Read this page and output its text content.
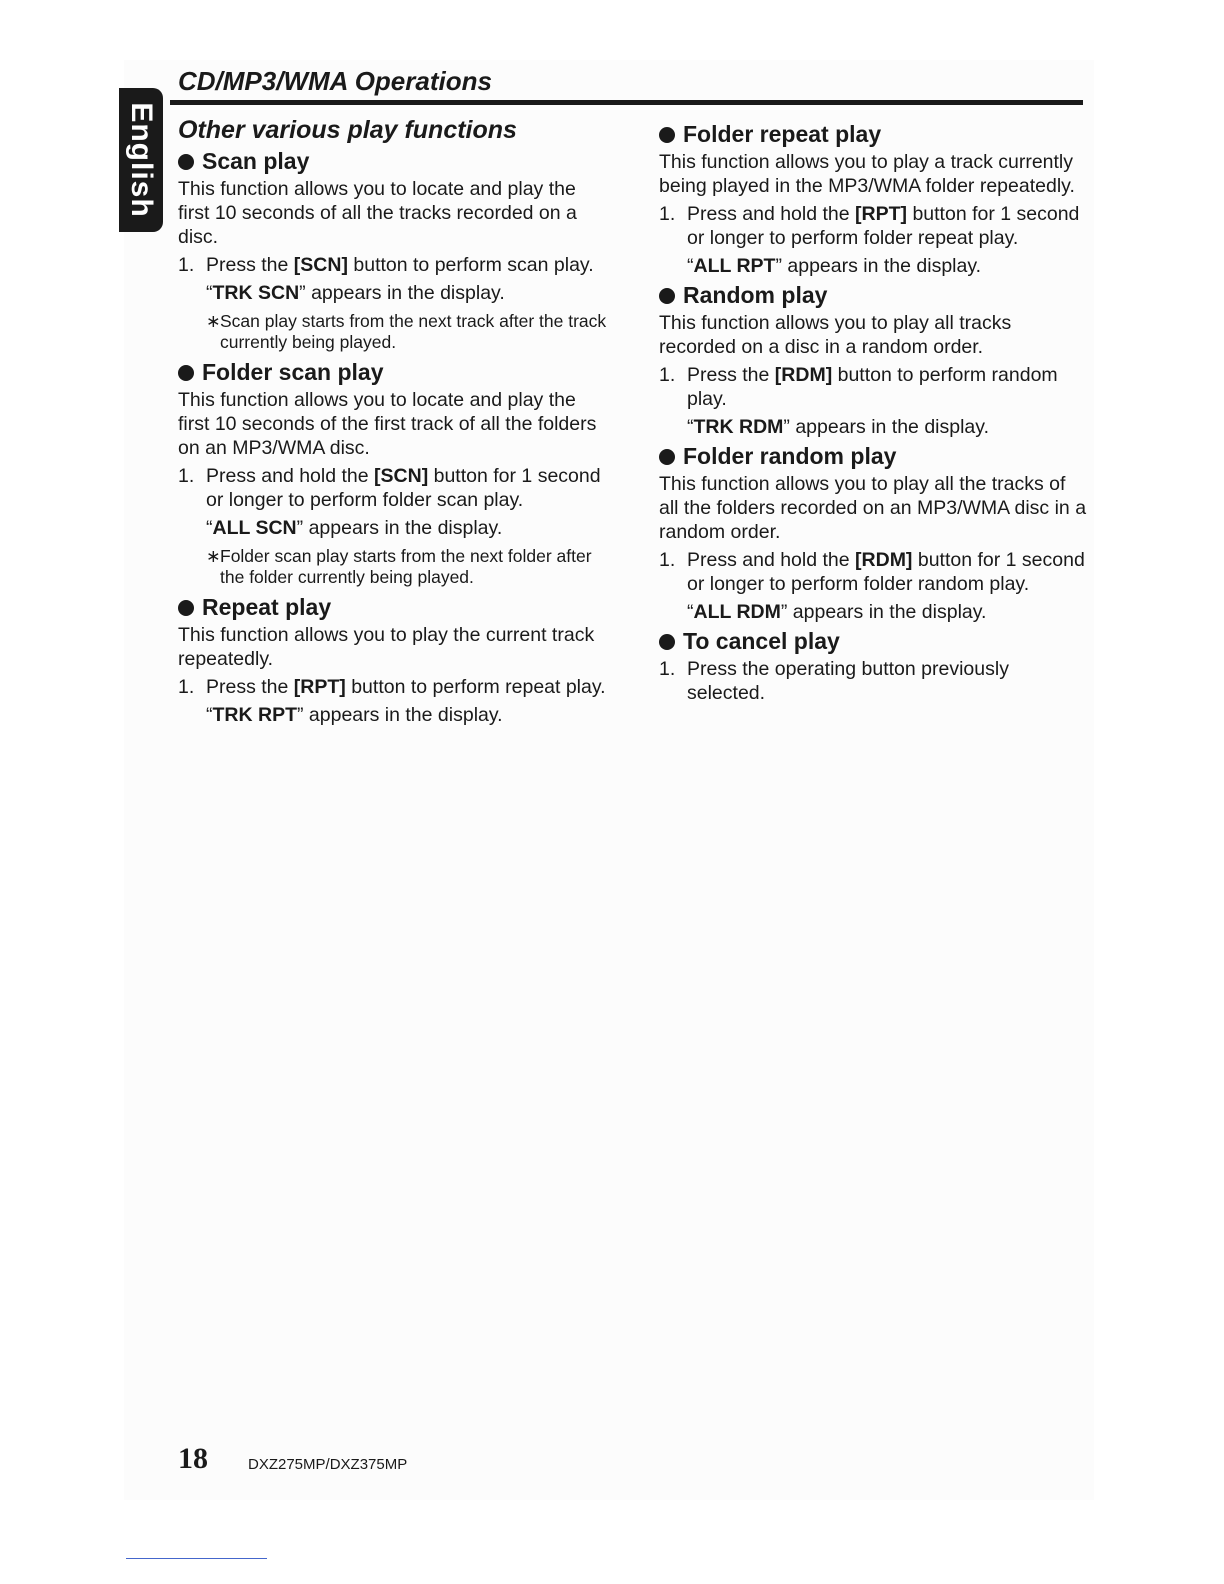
English
CD/MP3/WMA Operations
Other various play functions
Scan play

This function allows you to locate and play the first 10 seconds of all the tracks recorded on a disc.

1. Press the [SCN] button to perform scan play.
“TRK SCN” appears in the display.
∗ Scan play starts from the next track after the track currently being played.
Folder scan play

This function allows you to locate and play the first 10 seconds of the first track of all the folders on an MP3/WMA disc.

1. Press and hold the [SCN] button for 1 second or longer to perform folder scan play.
“ALL SCN” appears in the display.
∗ Folder scan play starts from the next folder after the folder currently being played.
Repeat play

This function allows you to play the current track repeatedly.

1. Press the [RPT] button to perform repeat play.
“TRK RPT” appears in the display.
Folder repeat play

This function allows you to play a track currently being played in the MP3/WMA folder repeatedly.

1. Press and hold the [RPT] button for 1 second or longer to perform folder repeat play.
“ALL RPT” appears in the display.
Random play

This function allows you to play all tracks recorded on a disc in a random order.

1. Press the [RDM] button to perform random play.
“TRK RDM” appears in the display.
Folder random play

This function allows you to play all the tracks of all the folders recorded on an MP3/WMA disc in a random order.

1. Press and hold the [RDM] button for 1 second or longer to perform folder random play.
“ALL RDM” appears in the display.
To cancel play
1. Press the operating button previously selected.
18	DXZ275MP/DXZ375MP
